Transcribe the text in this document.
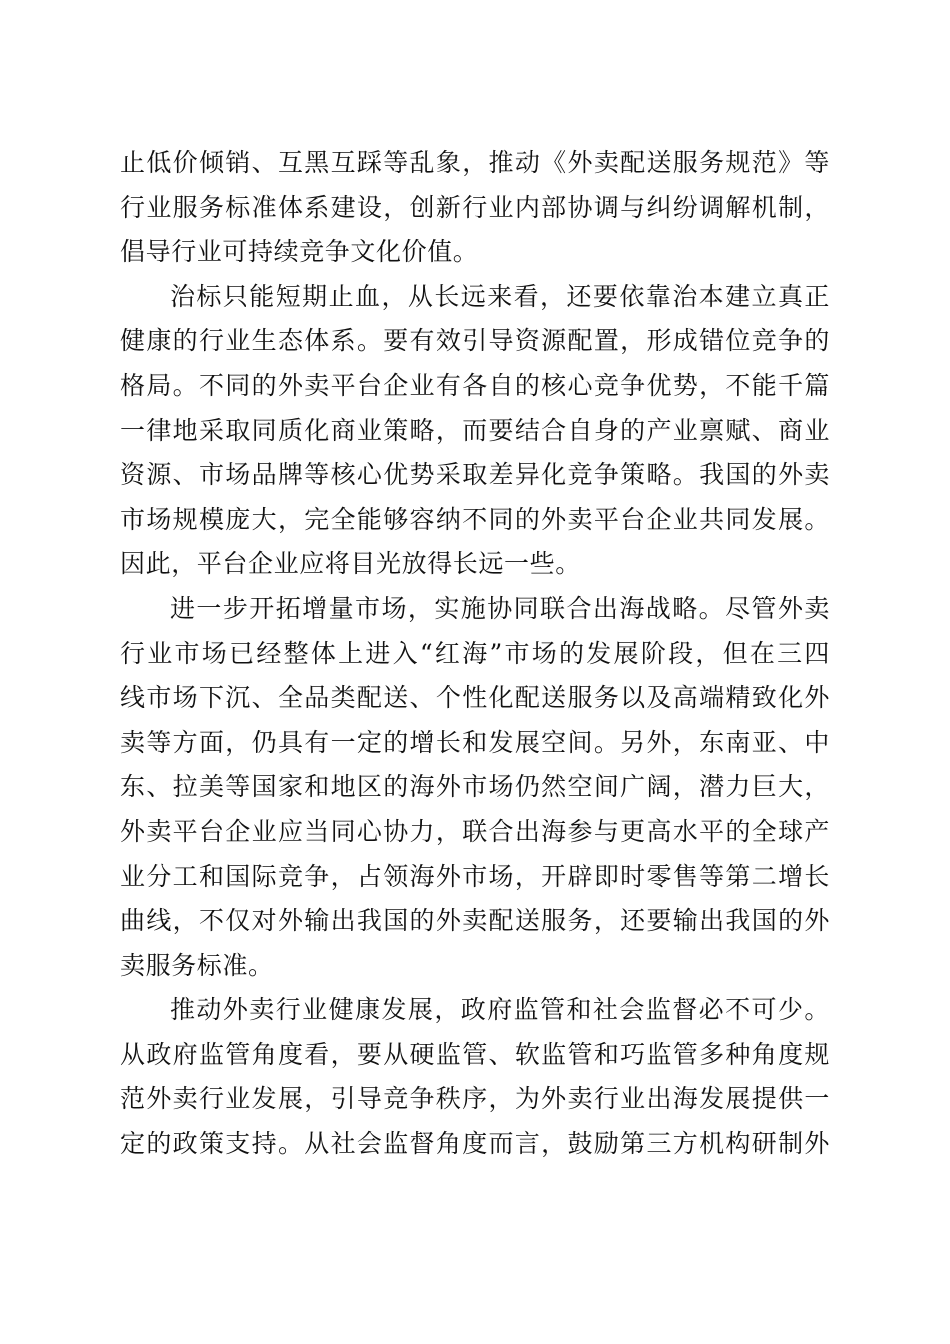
止低价倾销、互黑互踩等乱象，推动《外卖配送服务规范》等
行业服务标准体系建设，创新行业内部协调与纠纷调解机制，
倡导行业可持续竞争文化价值。
治标只能短期止血，从长远来看，还要依靠治本建立真正
健康的行业生态体系。要有效引导资源配置，形成错位竞争的
格局。不同的外卖平台企业有各自的核心竞争优势，不能千篇
一律地采取同质化商业策略，而要结合自身的产业禀赋、商业
资源、市场品牌等核心优势采取差异化竞争策略。我国的外卖
市场规模庞大，完全能够容纳不同的外卖平台企业共同发展。
因此，平台企业应将目光放得长远一些。
进一步开拓增量市场，实施协同联合出海战略。尽管外卖
行业市场已经整体上进入“红海”市场的发展阶段，但在三四
线市场下沉、全品类配送、个性化配送服务以及高端精致化外
卖等方面，仍具有一定的增长和发展空间。另外，东南亚、中
东、拉美等国家和地区的海外市场仍然空间广阔，潜力巨大，
外卖平台企业应当同心协力，联合出海参与更高水平的全球产
业分工和国际竞争，占领海外市场，开辟即时零售等第二增长
曲线，不仅对外输出我国的外卖配送服务，还要输出我国的外
卖服务标准。
推动外卖行业健康发展，政府监管和社会监督必不可少。
从政府监管角度看，要从硬监管、软监管和巧监管多种角度规
范外卖行业发展，引导竞争秩序，为外卖行业出海发展提供一
定的政策支持。从社会监督角度而言，鼓励第三方机构研制外
